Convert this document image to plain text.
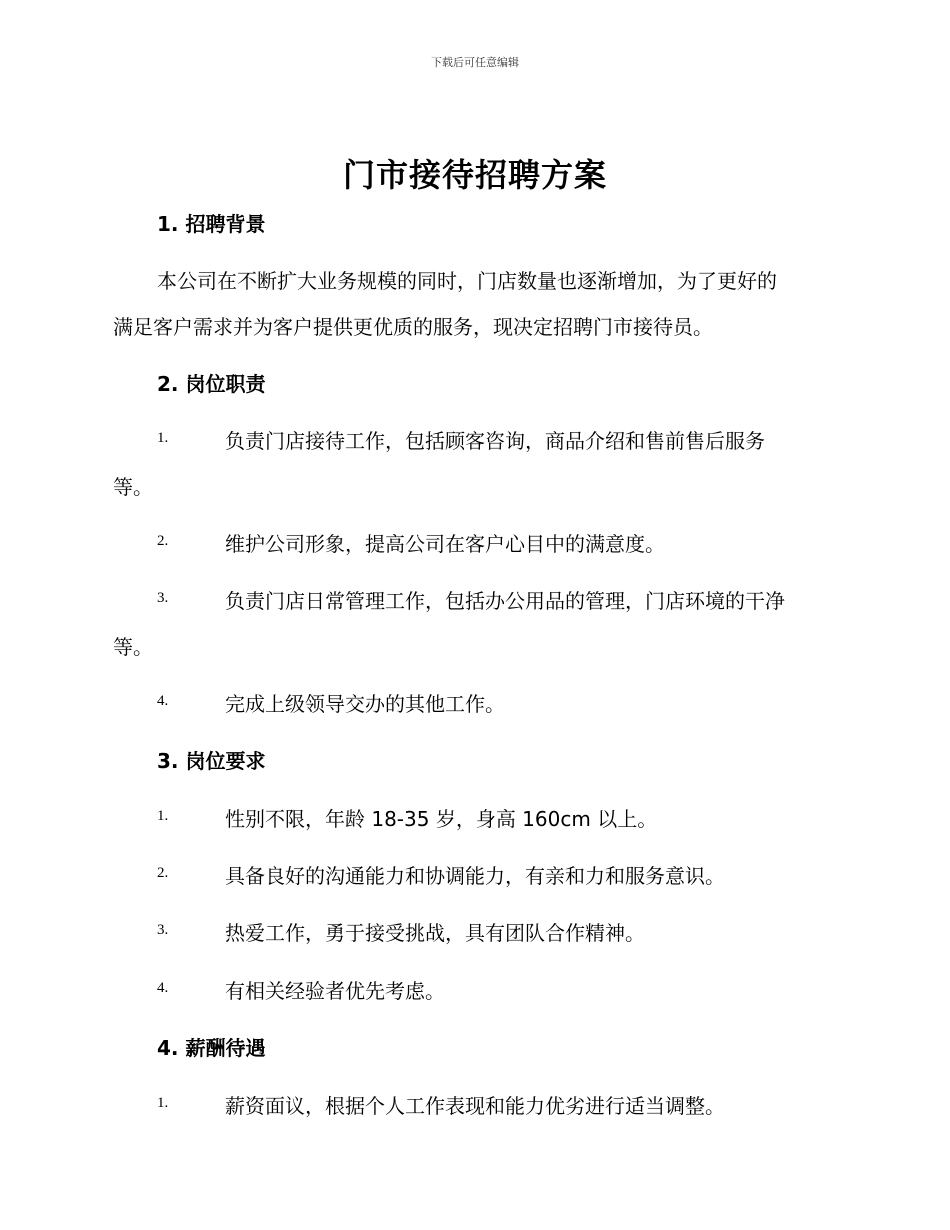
下载后可任意编辑
门市接待招聘方案
1. 招聘背景
本公司在不断扩大业务规模的同时，门店数量也逐渐增加，为了更好的
满足客户需求并为客户提供更优质的服务，现决定招聘门市接待员。
2. 岗位职责
1.	负责门店接待工作，包括顾客咨询，商品介绍和售前售后服务
等。
2.	维护公司形象，提高公司在客户心目中的满意度。
3.	负责门店日常管理工作，包括办公用品的管理，门店环境的干净
等。
4.	完成上级领导交办的其他工作。
3. 岗位要求
1.	性别不限，年龄 18-35 岁，身高 160cm 以上。
2.	具备良好的沟通能力和协调能力，有亲和力和服务意识。
3.	热爱工作，勇于接受挑战，具有团队合作精神。
4.	有相关经验者优先考虑。
4. 薪酬待遇
1.	薪资面议，根据个人工作表现和能力优劣进行适当调整。
